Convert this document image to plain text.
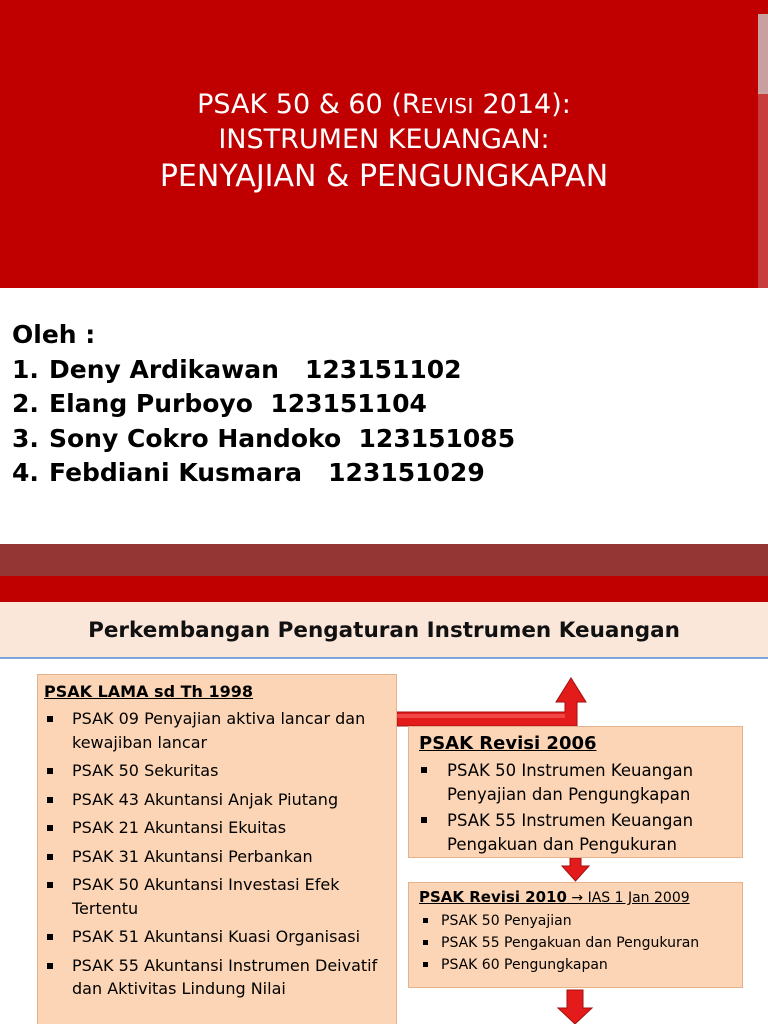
PSAK 50 & 60 (REVISI 2014):
INSTRUMEN KEUANGAN:
PENYAJIAN & PENGUNGKAPAN
Oleh :
1. Deny Ardikawan   123151102
2. Elang Purboyo  123151104
3. Sony Cokro Handoko  123151085
4. Febdiani Kusmara   123151029
Perkembangan Pengaturan Instrumen Keuangan
PSAK LAMA sd Th 1998
PSAK 09 Penyajian aktiva lancar dan kewajiban lancar
PSAK 50 Sekuritas
PSAK 43 Akuntansi Anjak Piutang
PSAK 21 Akuntansi Ekuitas
PSAK 31 Akuntansi Perbankan
PSAK 50 Akuntansi Investasi Efek Tertentu
PSAK 51 Akuntansi Kuasi Organisasi
PSAK 55 Akuntansi Instrumen Deivatif dan Aktivitas Lindung Nilai
PSAK Revisi 2006
PSAK 50 Instrumen Keuangan Penyajian dan Pengungkapan
PSAK 55 Instrumen Keuangan Pengakuan dan Pengukuran
PSAK Revisi 2010 → IAS 1 Jan 2009
PSAK 50 Penyajian
PSAK 55 Pengakuan dan Pengukuran
PSAK 60 Pengungkapan
